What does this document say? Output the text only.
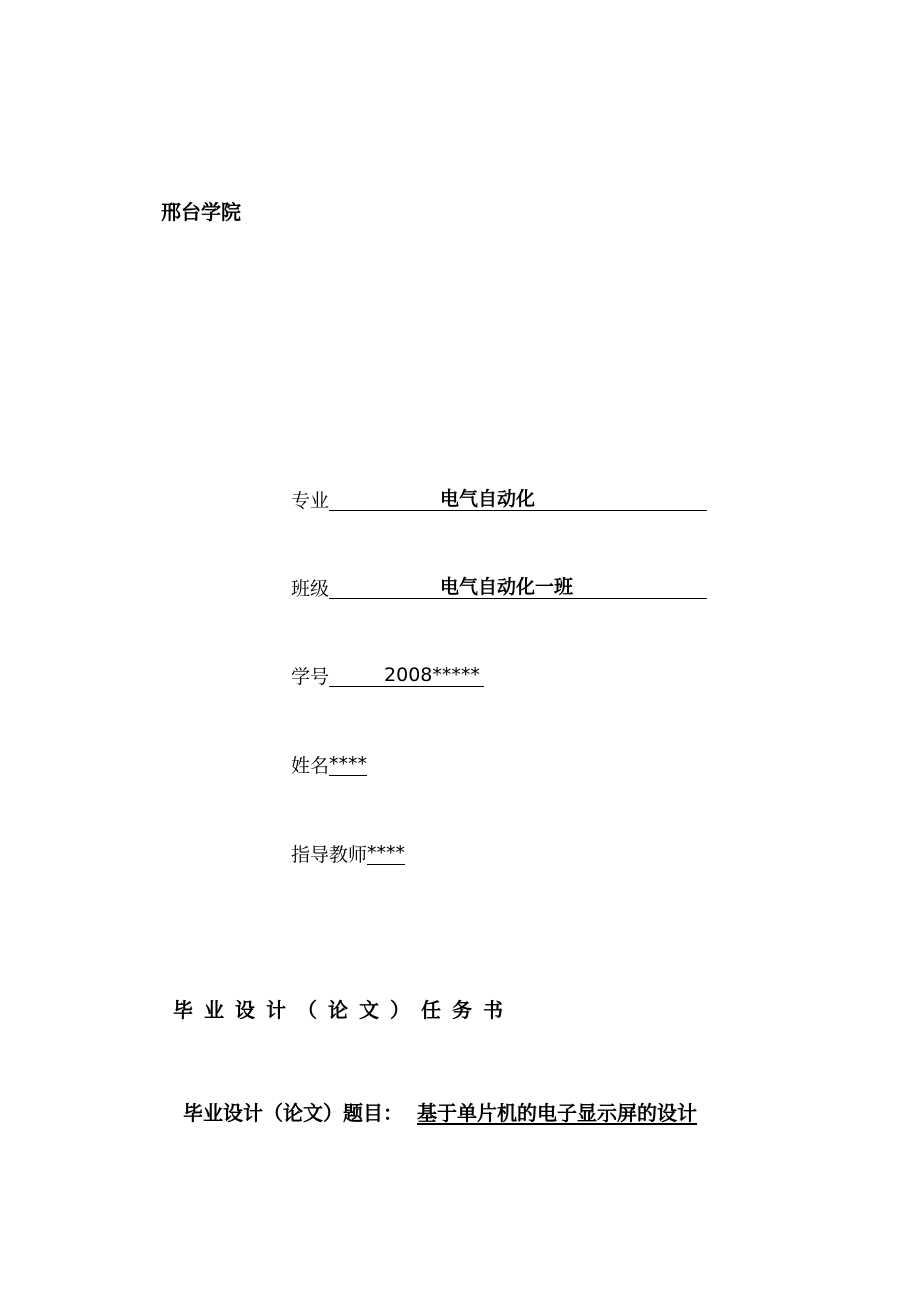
邢台学院
专业	电气自动化
班级	电气自动化一班
学号	2008*****
姓名 ****
指导教师 ****
毕业设计（论文）任务书
毕业设计（论文）题目： 基于单片机的电子显示屏的设计
